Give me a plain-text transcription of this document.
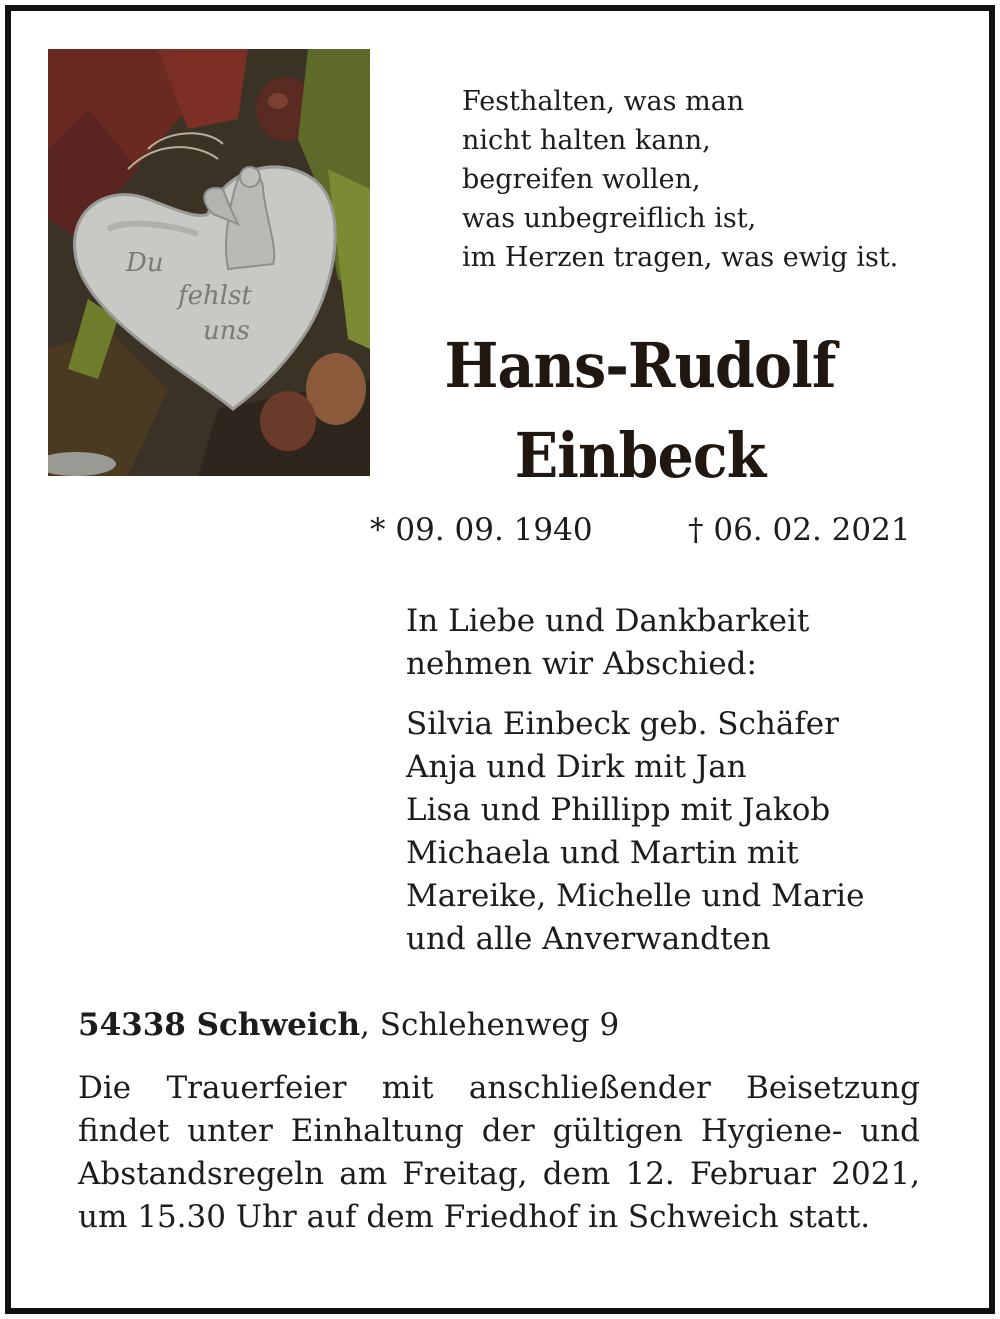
Du
fehlst
uns
Festhalten, was man
nicht halten kann,
begreifen wollen,
was unbegreiflich ist,
im Herzen tragen, was ewig ist.
Hans-Rudolf
Einbeck
* 09. 09. 1940	† 06. 02. 2021
In Liebe und Dankbarkeit
nehmen wir Abschied:
Silvia Einbeck geb. Schäfer
Anja und Dirk mit Jan
Lisa und Phillipp mit Jakob
Michaela und Martin mit
Mareike, Michelle und Marie
und alle Anverwandten
54338 Schweich, Schlehenweg 9
Die Trauerfeier mit anschließender Beisetzung
findet unter Einhaltung der gültigen Hygiene- und
Abstandsregeln am Freitag, dem 12. Februar 2021,
um 15.30 Uhr auf dem Friedhof in Schweich statt.
